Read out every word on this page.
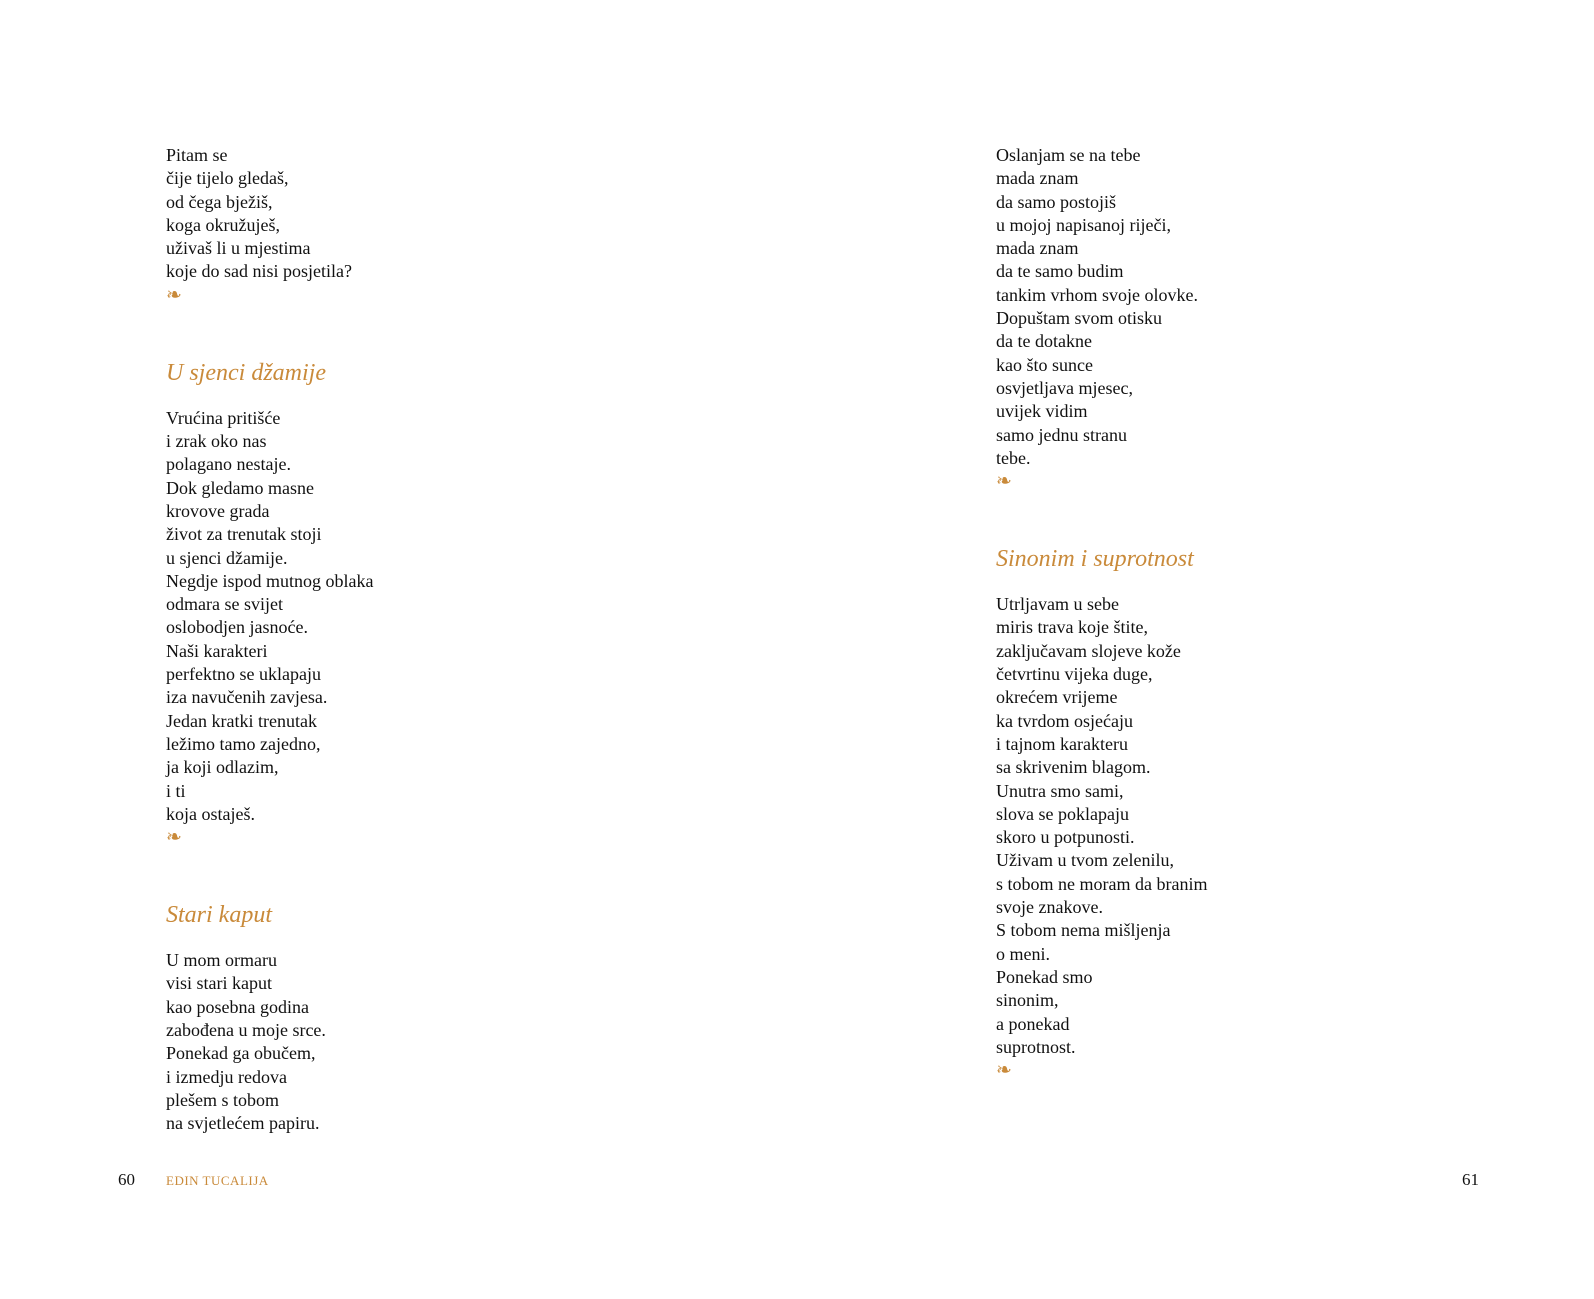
Pitam se
čije tijelo gledaš,
od čega bježiš,
koga okružuješ,
uživaš li u mjestima
koje do sad nisi posjetila?
❧
U sjenci džamije
Vrućina pritišće
i zrak oko nas
polagano nestaje.
Dok gledamo masne
krovove grada
život za trenutak stoji
u sjenci džamije.
Negdje ispod mutnog oblaka
odmara se svijet
oslobodjen jasnoće.
Naši karakteri
perfektno se uklapaju
iza navučenih zavjesa.
Jedan kratki trenutak
ležimo tamo zajedno,
ja koji odlazim,
i ti
koja ostaješ.
❧
Stari kaput
U mom ormaru
visi stari kaput
kao posebna godina
zabođena u moje srce.
Ponekad ga obučem,
i izmedju redova
plešem s tobom
na svjetlećem papiru.
60 EDIN TUCALIJA
Oslanjam se na tebe
mada znam
da samo postojiš
u mojoj napisanoj riječi,
mada znam
da te samo budim
tankim vrhom svoje olovke.
Dopuštam svom otisku
da te dotakne
kao što sunce
osvjetljava mjesec,
uvijek vidim
samo jednu stranu
tebe.
❧
Sinonim i suprotnost
Utrljavam u sebe
miris trava koje štite,
zaključavam slojeve kože
četvrtinu vijeka duge,
okrećem vrijeme
ka tvrdom osjećaju
i tajnom karakteru
sa skrivenim blagom.
Unutra smo sami,
slova se poklapaju
skoro u potpunosti.
Uživam u tvom zelenilu,
s tobom ne moram da branim
svoje znakove.
S tobom nema mišljenja
o meni.
Ponekad smo
sinonim,
a ponekad
suprotnost.
❧
61
